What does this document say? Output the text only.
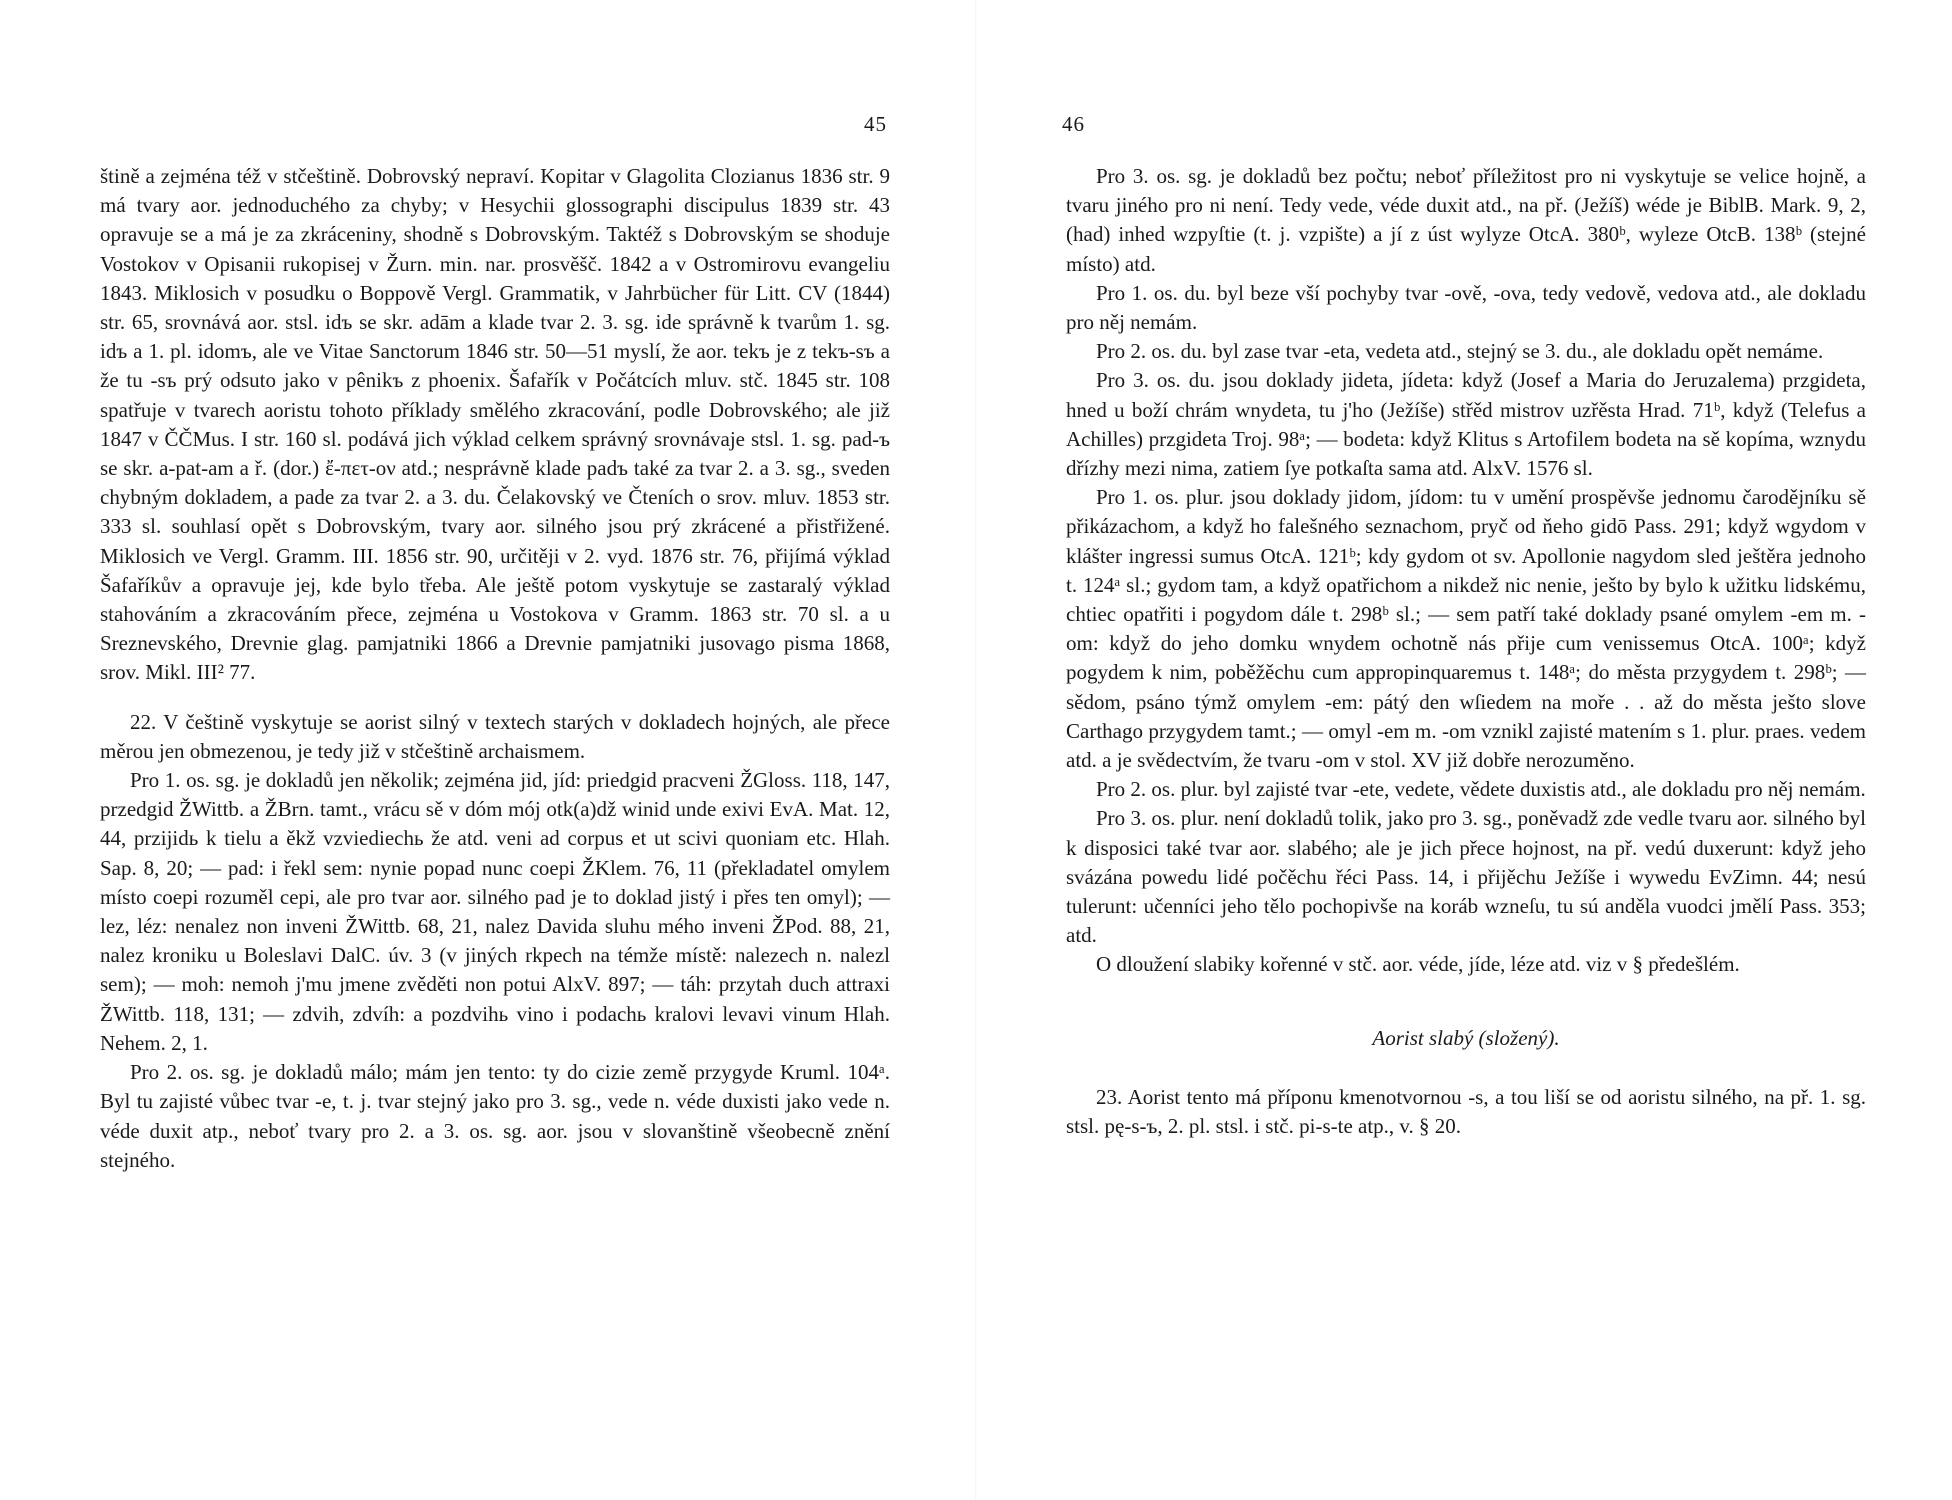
45

štině a zejména též v stčeštině. Dobrovský nepraví. Kopitar v Glagolita Clozianus 1836 str. 9 má tvary aor. jednoduchého za chyby; v Hesychii glossographi discipulus 1839 str. 43 opravuje se a má je za zkráceniny, shodně s Dobrovským. Taktéž s Dobrovským se shoduje Vostokov v Opisanii rukopisej v Žurn. min. nar. prosvěšč. 1842 a v Ostromirovu evangeliu 1843. Miklosich v posudku o Boppově Vergl. Grammatik, v Jahrbücher für Litt. CV (1844) str. 65, srovnává aor. stsl. idъ se skr. adām a klade tvar 2. 3. sg. ide správně k tvarům 1. sg. idъ a 1. pl. idomъ, ale ve Vitae Sanctorum 1846 str. 50—51 myslí, že aor. tekъ je z tekъ-sъ a že tu -sъ prý odsuto jako v pênikъ z phoenix. Šafařík v Počátcích mluv. stč. 1845 str. 108 spatřuje v tvarech aoristu tohoto příklady smělého zkracování, podle Dobrovského; ale již 1847 v ČČMus. I str. 160 sl. podává jich výklad celkem správný srovnávaje stsl. 1. sg. pad-ъ se skr. a-pat-am a ř. (dor.) ἔ-πετ-ον atd.; nesprávně klade padъ také za tvar 2. a 3. sg., sveden chybným dokladem, a pade za tvar 2. a 3. du. Čelakovský ve Čteních o srov. mluv. 1853 str. 333 sl. souhlasí opět s Dobrovským, tvary aor. silného jsou prý zkrácené a přistřižené. Miklosich ve Vergl. Gramm. III. 1856 str. 90, určitěji v 2. vyd. 1876 str. 76, přijímá výklad Šafaříkův a opravuje jej, kde bylo třeba. Ale ještě potom vyskytuje se zastaralý výklad stahováním a zkracováním přece, zejména u Vostokova v Gramm. 1863 str. 70 sl. a u Sreznevského, Drevnie glag. pamjatniki 1866 a Drevnie pamjatniki jusovago pisma 1868, srov. Mikl. III² 77.

22. V češtině vyskytuje se aorist silný v textech starých v dokladech hojných, ale přece měrou jen obmezenou, je tedy již v stčeštině archaismem.

Pro 1. os. sg. je dokladů jen několik; zejména jid, jíd: priedgid pracveni ŽGloss. 118, 147, przedgid ŽWittb. a ŽBrn. tamt., vrácu sě v dóm mój otk(a)dž winid unde exivi EvA. Mat. 12, 44, przijidь k tielu a ěkž vzviediechь že atd. veni ad corpus et ut scivi quoniam etc. Hlah. Sap. 8, 20; — pad: i řekl sem: nynie popad nunc coepi ŽKlem. 76, 11 (překladatel omylem místo coepi rozuměl cepi, ale pro tvar aor. silného pad je to doklad jistý i přes ten omyl); — lez, léz: nenalez non inveni ŽWittb. 68, 21, nalez Davida sluhu mého inveni ŽPod. 88, 21, nalez kroniku u Boleslavi DalC. úv. 3 (v jiných rkpech na témže místě: nalezech n. nalezl sem); — moh: nemoh j'mu jmene zvěděti non potui AlxV. 897; — táh: przytah duch attraxi ŽWittb. 118, 131; — zdvih, zdvíh: a pozdvihь vino i podachь kralovi levavi vinum Hlah. Nehem. 2, 1.

Pro 2. os. sg. je dokladů málo; mám jen tento: ty do cizie země przygyde Kruml. 104ᵃ. Byl tu zajisté vůbec tvar -e, t. j. tvar stejný jako pro 3. sg., vede n. véde duxisti jako vede n. véde duxit atp., neboť tvary pro 2. a 3. os. sg. aor. jsou v slovanštině všeobecně znění stejného.

46

Pro 3. os. sg. je dokladů bez počtu; neboť příležitost pro ni vyskytuje se velice hojně, a tvaru jiného pro ni není. Tedy vede, véde duxit atd., na př. (Ježíš) wéde je BiblB. Mark. 9, 2, (had) inhed wzpyſtie (t. j. vzpište) a jí z úst wylyze OtcA. 380ᵇ, wyleze OtcB. 138ᵇ (stejné místo) atd.

Pro 1. os. du. byl beze vší pochyby tvar -ově, -ova, tedy vedově, vedova atd., ale dokladu pro něj nemám.

Pro 2. os. du. byl zase tvar -eta, vedeta atd., stejný se 3. du., ale dokladu opět nemáme.

Pro 3. os. du. jsou doklady jideta, jídeta: když (Josef a Maria do Jeruzalema) przgideta, hned u boží chrám wnydeta, tu j'ho (Ježíše) střěd mistrov uzřěsta Hrad. 71ᵇ, když (Telefus a Achilles) przgideta Troj. 98ᵃ; — bodeta: když Klitus s Artofilem bodeta na sě kopíma, wznydu dřízhy mezi nima, zatiem ſye potkaſta sama atd. AlxV. 1576 sl.

Pro 1. os. plur. jsou doklady jidom, jídom: tu v umění prospěvše jednomu čarodějníku sě přikázachom, a když ho falešného seznachom, pryč od ňeho gidō Pass. 291; když wgydom v klášter ingressi sumus OtcA. 121ᵇ; kdy gydom ot sv. Apollonie nagydom sled ještěra jednoho t. 124ᵃ sl.; gydom tam, a když opatřichom a nikdež nic nenie, ješto by bylo k užitku lidskému, chtiec opatřiti i pogydom dále t. 298ᵇ sl.; — sem patří také doklady psané omylem -em m. -om: když do jeho domku wnydem ochotně nás přije cum venissemus OtcA. 100ᵃ; když pogydem k nim, poběžěchu cum appropinquaremus t. 148ᵃ; do města przygydem t. 298ᵇ; — sědom, psáno týmž omylem -em: pátý den wſiedem na moře . . až do města ješto slove Carthago przygydem tamt.; — omyl -em m. -om vznikl zajisté matením s 1. plur. praes. vedem atd. a je svědectvím, že tvaru -om v stol. XV již dobře nerozuměno.

Pro 2. os. plur. byl zajisté tvar -ete, vedete, vědete duxistis atd., ale dokladu pro něj nemám.

Pro 3. os. plur. není dokladů tolik, jako pro 3. sg., poněvadž zde vedle tvaru aor. silného byl k disposici také tvar aor. slabého; ale je jich přece hojnost, na př. vedú duxerunt: když jeho svázána powedu lidé počěchu řéci Pass. 14, i přijěchu Ježíše i wywedu EvZimn. 44; nesú tulerunt: učenníci jeho tělo pochopivše na koráb wzneſu, tu sú anděla vuodci jmělí Pass. 353; atd.

O dloužení slabiky kořenné v stč. aor. véde, jíde, léze atd. viz v § předešlém.

Aorist slabý (složený).

23. Aorist tento má příponu kmenotvornou -s, a tou liší se od aoristu silného, na př. 1. sg. stsl. pę-s-ъ, 2. pl. stsl. i stč. pi-s-te atp., v. § 20.
